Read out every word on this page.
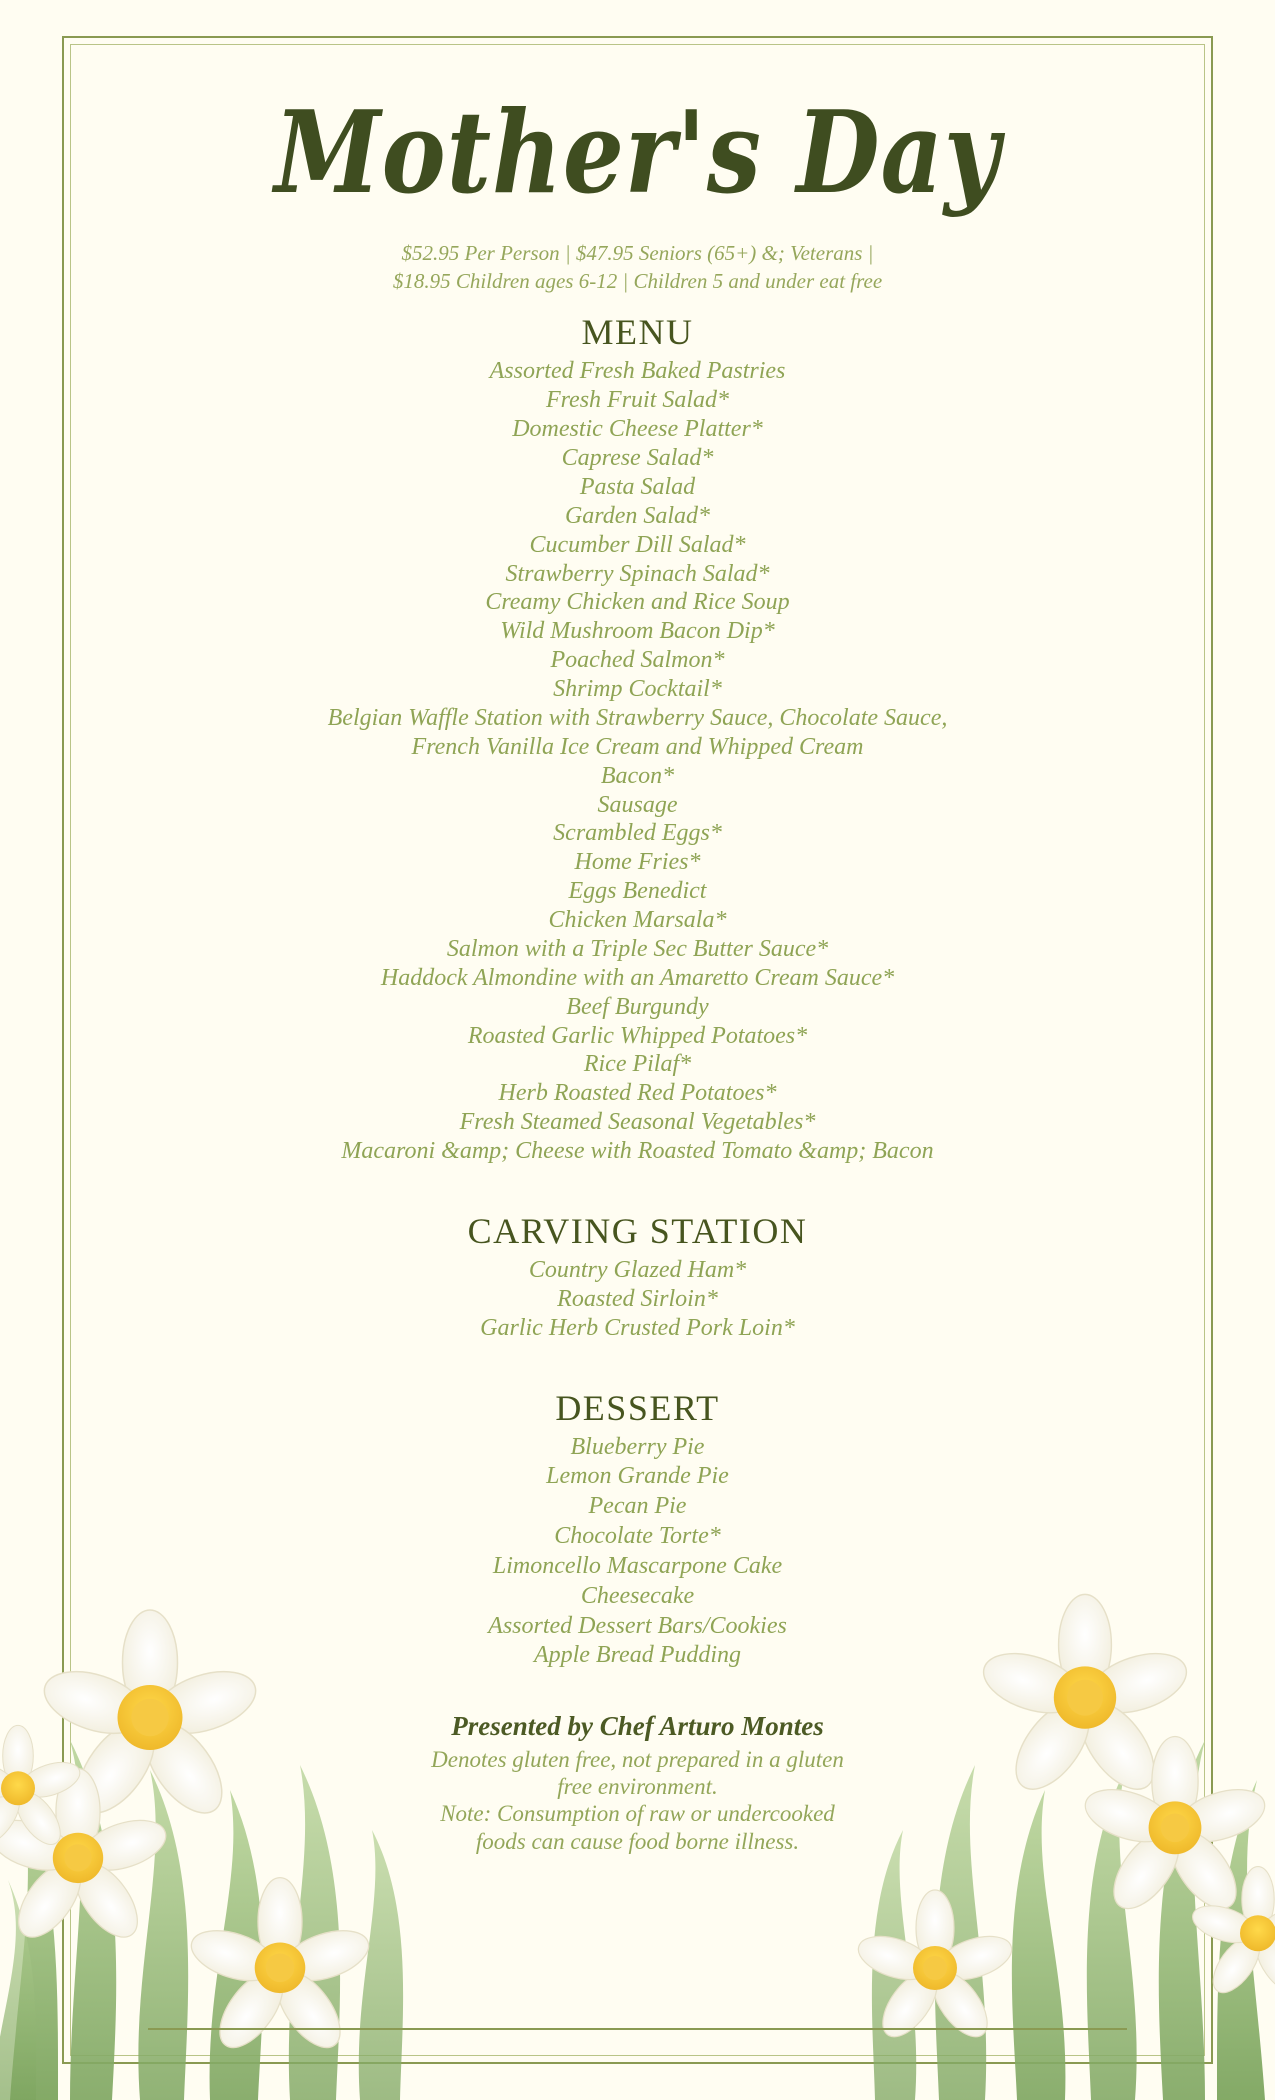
Mother's Day
$52.95 Per Person | $47.95 Seniors (65+) &; Veterans |
$18.95 Children ages 6-12 | Children 5 and under eat free
MENU
Assorted Fresh Baked Pastries
Fresh Fruit Salad*
Domestic Cheese Platter*
Caprese Salad*
Pasta Salad
Garden Salad*
Cucumber Dill Salad*
Strawberry Spinach Salad*
Creamy Chicken and Rice Soup
Wild Mushroom Bacon Dip*
Poached Salmon*
Shrimp Cocktail*
Belgian Waffle Station with Strawberry Sauce, Chocolate Sauce,
French Vanilla Ice Cream and Whipped Cream
Bacon*
Sausage
Scrambled Eggs*
Home Fries*
Eggs Benedict
Chicken Marsala*
Salmon with a Triple Sec Butter Sauce*
Haddock Almondine with an Amaretto Cream Sauce*
Beef Burgundy
Roasted Garlic Whipped Potatoes*
Rice Pilaf*
Herb Roasted Red Potatoes*
Fresh Steamed Seasonal Vegetables*
Macaroni &amp; Cheese with Roasted Tomato &amp; Bacon
CARVING STATION
Country Glazed Ham*
Roasted Sirloin*
Garlic Herb Crusted Pork Loin*
DESSERT
Blueberry Pie
Lemon Grande Pie
Pecan Pie
Chocolate Torte*
Limoncello Mascarpone Cake
Cheesecake
Assorted Dessert Bars/Cookies
Apple Bread Pudding
Presented by Chef Arturo Montes
Denotes gluten free, not prepared in a gluten
free environment.
Note: Consumption of raw or undercooked
foods can cause food borne illness.
